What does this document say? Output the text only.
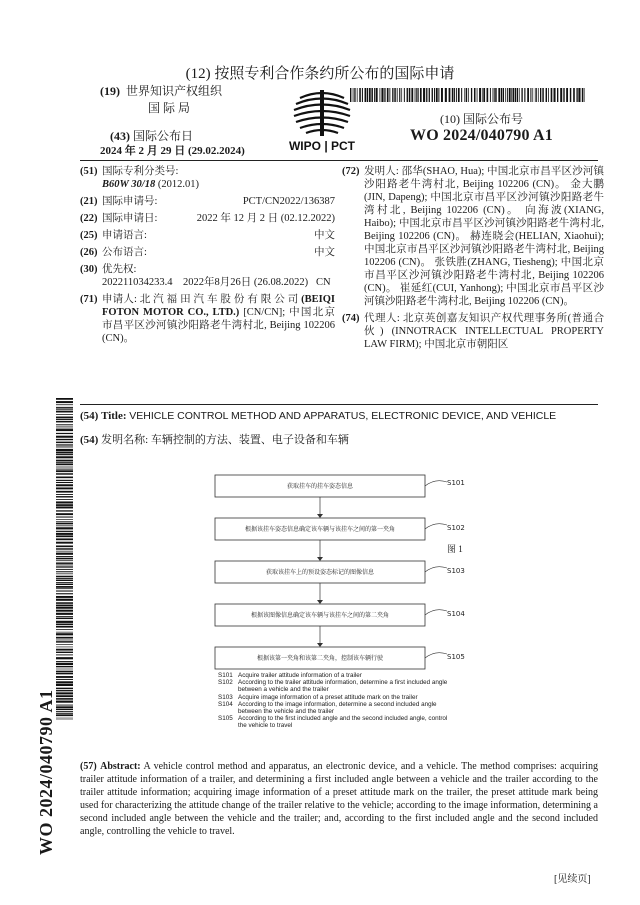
(12) 按照专利合作条约所公布的国际申请
(19) 世界知识产权组织
国 际 局
(43) 国际公布日
2024 年 2 月 29 日 (29.02.2024)	WIPO | PCT
(10) 国际公布号
WO 2024/040790 A1
(51) 国际专利分类号:
B60W 30/18 (2012.01)
(21) 国际申请号:	PCT/CN2022/136387
(22) 国际申请日:	2022 年 12 月 2 日 (02.12.2022)
(25) 申请语言:	中文
(26) 公布语言:	中文
(30) 优先权:
202211034233.4    2022年8月26日 (26.08.2022)   CN
(71) 申请人: 北 汽 福 田 汽 车 股 份 有 限 公 司 (BEIQI FOTON MOTOR CO., LTD.) [CN/CN]; 中国北京市昌平区沙河镇沙阳路老牛湾村北, Beijing 102206 (CN)。
(72) 发明人: 邵华(SHAO, Hua); 中国北京市昌平区沙河镇沙阳路老牛湾村北, Beijing 102206 (CN)。 金大鹏(JIN, Dapeng); 中国北京市昌平区沙河镇沙阳路老牛湾村北, Beijing 102206 (CN)。 向海波(XIANG, Haibo); 中国北京市昌平区沙河镇沙阳路老牛湾村北, Beijing 102206 (CN)。 赫连晓会(HELIAN, Xiaohui); 中国北京市昌平区沙河镇沙阳路老牛湾村北, Beijing 102206 (CN)。 张铁胜(ZHANG, Tiesheng); 中国北京市昌平区沙河镇沙阳路老牛湾村北, Beijing 102206 (CN)。 崔延红(CUI, Yanhong); 中国北京市昌平区沙河镇沙阳路老牛湾村北, Beijing 102206 (CN)。
(74) 代理人: 北京英创嘉友知识产权代理事务所(普通合伙) (INNOTRACK INTELLECTUAL PROPERTY LAW FIRM); 中国北京市朝阳区
WO 2024/040790 A1
(54) Title: VEHICLE CONTROL METHOD AND APPARATUS, ELECTRONIC DEVICE, AND VEHICLE
(54) 发明名称: 车辆控制的方法、装置、电子设备和车辆
获取挂车的挂车姿态信息	S101
根据该挂车姿态信息确定该车辆与该挂车之间的第一夹角	S102
获取该挂车上的预设姿态标记的图像信息	S103
根据该图像信息确定该车辆与该挂车之间的第二夹角	S104
根据该第一夹角和该第二夹角，控制该车辆行驶	S105
图 1
S101 Acquire trailer attitude information of a trailer
S102 According to the trailer attitude information, determine a first included angle between a vehicle and the trailer
S103 Acquire image information of a preset attitude mark on the trailer
S104 According to the image information, determine a second included angle between the vehicle and the trailer
S105 According to the first included angle and the second included angle, control the vehicle to travel
(57) Abstract: A vehicle control method and apparatus, an electronic device, and a vehicle. The method comprises: acquiring trailer attitude information of a trailer, and determining a first included angle between a vehicle and the trailer according to the trailer attitude information; acquiring image information of a preset attitude mark on the trailer, the preset attitude mark being used for characterizing the attitude change of the trailer relative to the vehicle; according to the image information, determining a second included angle between the vehicle and the trailer; and, according to the first included angle and the second included angle, controlling the vehicle to travel.
[见续页]
